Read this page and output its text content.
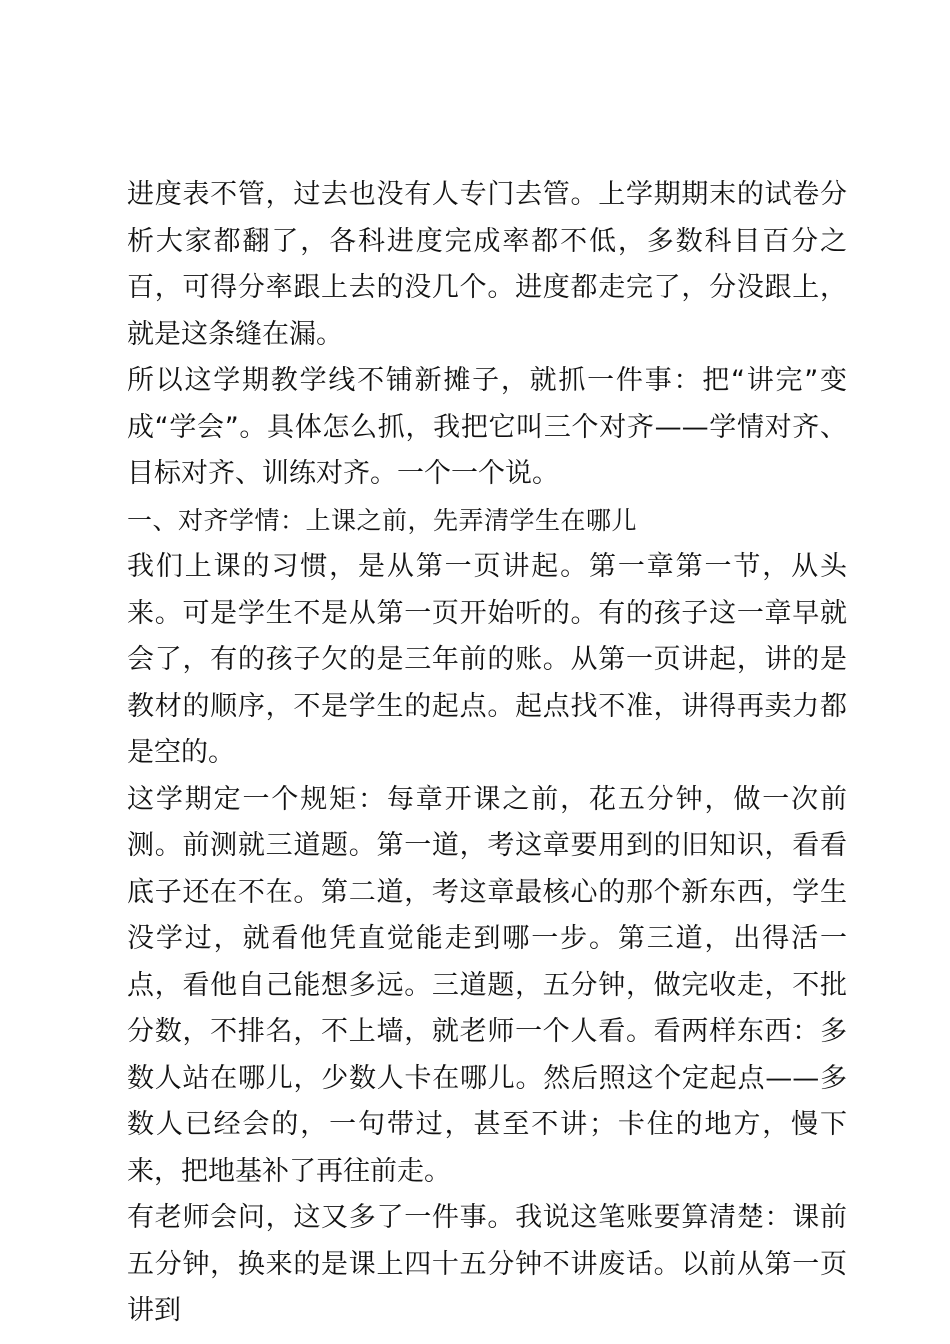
进度表不管，过去也没有人专门去管。上学期期末的试卷分析大家都翻了，各科进度完成率都不低，多数科目百分之百，可得分率跟上去的没几个。进度都走完了，分没跟上，就是这条缝在漏。

所以这学期教学线不铺新摊子，就抓一件事：把“讲完”变成“学会”。具体怎么抓，我把它叫三个对齐——学情对齐、目标对齐、训练对齐。一个一个说。

一、对齐学情：上课之前，先弄清学生在哪儿

我们上课的习惯，是从第一页讲起。第一章第一节，从头来。可是学生不是从第一页开始听的。有的孩子这一章早就会了，有的孩子欠的是三年前的账。从第一页讲起，讲的是教材的顺序，不是学生的起点。起点找不准，讲得再卖力都是空的。

这学期定一个规矩：每章开课之前，花五分钟，做一次前测。前测就三道题。第一道，考这章要用到的旧知识，看看底子还在不在。第二道，考这章最核心的那个新东西，学生没学过，就看他凭直觉能走到哪一步。第三道，出得活一点，看他自己能想多远。三道题，五分钟，做完收走，不批分数，不排名，不上墙，就老师一个人看。看两样东西：多数人站在哪儿，少数人卡在哪儿。然后照这个定起点——多数人已经会的，一句带过，甚至不讲；卡住的地方，慢下来，把地基补了再往前走。

有老师会问，这又多了一件事。我说这笔账要算清楚：课前五分钟，换来的是课上四十五分钟不讲废话。以前从第一页讲到
